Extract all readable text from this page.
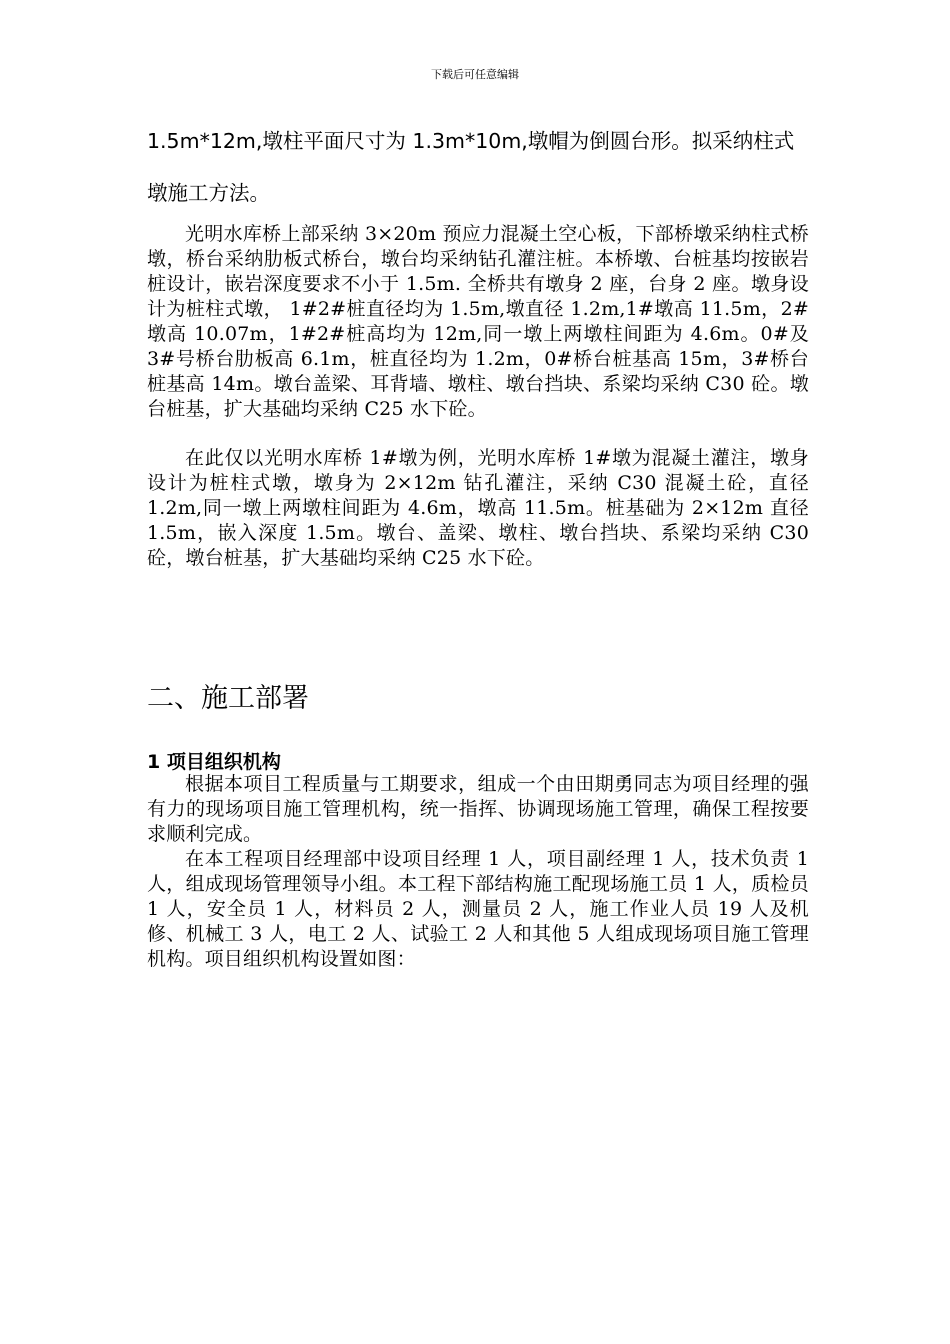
下载后可任意编辑
1.5m*12m,墩柱平面尺寸为 1.3m*10m,墩帽为倒圆台形。拟采纳柱式
墩施工方法。

光明水库桥上部采纳 3×20m 预应力混凝土空心板，下部桥墩采纳柱式桥墩，桥台采纳肋板式桥台，墩台均采纳钻孔灌注桩。本桥墩、台桩基均按嵌岩桩设计，嵌岩深度要求不小于 1.5m. 全桥共有墩身 2 座，台身 2 座。墩身设计为桩柱式墩， 1#2#桩直径均为 1.5m,墩直径 1.2m,1#墩高 11.5m，2#墩高 10.07m，1#2#桩高均为 12m,同一墩上两墩柱间距为 4.6m。0#及 3#号桥台肋板高 6.1m，桩直径均为 1.2m，0#桥台桩基高 15m，3#桥台桩基高 14m。墩台盖梁、耳背墙、墩柱、墩台挡块、系梁均采纳 C30 砼。墩台桩基，扩大基础均采纳 C25 水下砼。

在此仅以光明水库桥 1#墩为例，光明水库桥 1#墩为混凝土灌注，墩身设计为桩柱式墩，墩身为 2×12m 钻孔灌注，采纳 C30 混凝土砼，直径 1.2m,同一墩上两墩柱间距为 4.6m，墩高 11.5m。桩基础为 2×12m 直径 1.5m，嵌入深度 1.5m。墩台、盖梁、墩柱、墩台挡块、系梁均采纳 C30 砼，墩台桩基，扩大基础均采纳 C25 水下砼。

二、施工部署
1 项目组织机构

根据本项目工程质量与工期要求，组成一个由田期勇同志为项目经理的强有力的现场项目施工管理机构，统一指挥、协调现场施工管理，确保工程按要求顺利完成。

在本工程项目经理部中设项目经理 1 人，项目副经理 1 人，技术负责 1 人，组成现场管理领导小组。本工程下部结构施工配现场施工员 1 人，质检员 1 人，安全员 1 人，材料员 2 人，测量员 2 人，施工作业人员 19 人及机修、机械工 3 人，电工 2 人、试验工 2 人和其他 5 人组成现场项目施工管理机构。项目组织机构设置如图：
